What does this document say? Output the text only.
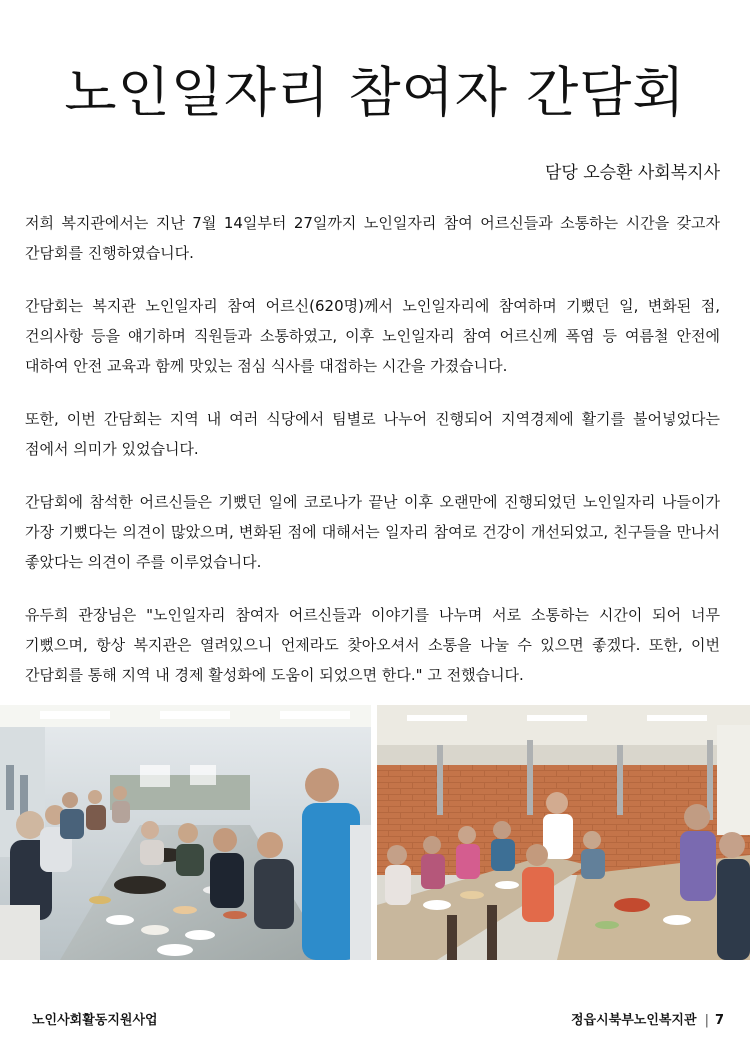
노인일자리 참여자 간담회

담당 오승환 사회복지사

저희 복지관에서는 지난 7월 14일부터 27일까지 노인일자리 참여 어르신들과 소통하는 시간을 갖고자 간담회를 진행하였습니다.

간담회는 복지관 노인일자리 참여 어르신(620명)께서 노인일자리에 참여하며 기뻤던 일, 변화된 점, 건의사항 등을 얘기하며 직원들과 소통하였고, 이후 노인일자리 참여 어르신께 폭염 등 여름철 안전에 대하여 안전 교육과 함께 맛있는 점심 식사를 대접하는 시간을 가졌습니다.

또한, 이번 간담회는 지역 내 여러 식당에서 팀별로 나누어 진행되어 지역경제에 활기를 불어넣었다는 점에서 의미가 있었습니다.

간담회에 참석한 어르신들은 기뻤던 일에 코로나가 끝난 이후 오랜만에 진행되었던 노인일자리 나들이가 가장 기뻤다는 의견이 많았으며, 변화된 점에 대해서는 일자리 참여로 건강이 개선되었고, 친구들을 만나서 좋았다는 의견이 주를 이루었습니다.

유두희 관장님은 "노인일자리 참여자 어르신들과 이야기를 나누며 서로 소통하는 시간이 되어 너무 기뻤으며, 항상 복지관은 열려있으니 언제라도 찾아오셔서 소통을 나눌 수 있으면 좋겠다. 또한, 이번 간담회를 통해 지역 내 경제 활성화에 도움이 되었으면 한다." 고 전했습니다.

노인사회활동지원사업	정읍시북부노인복지관 | 7
